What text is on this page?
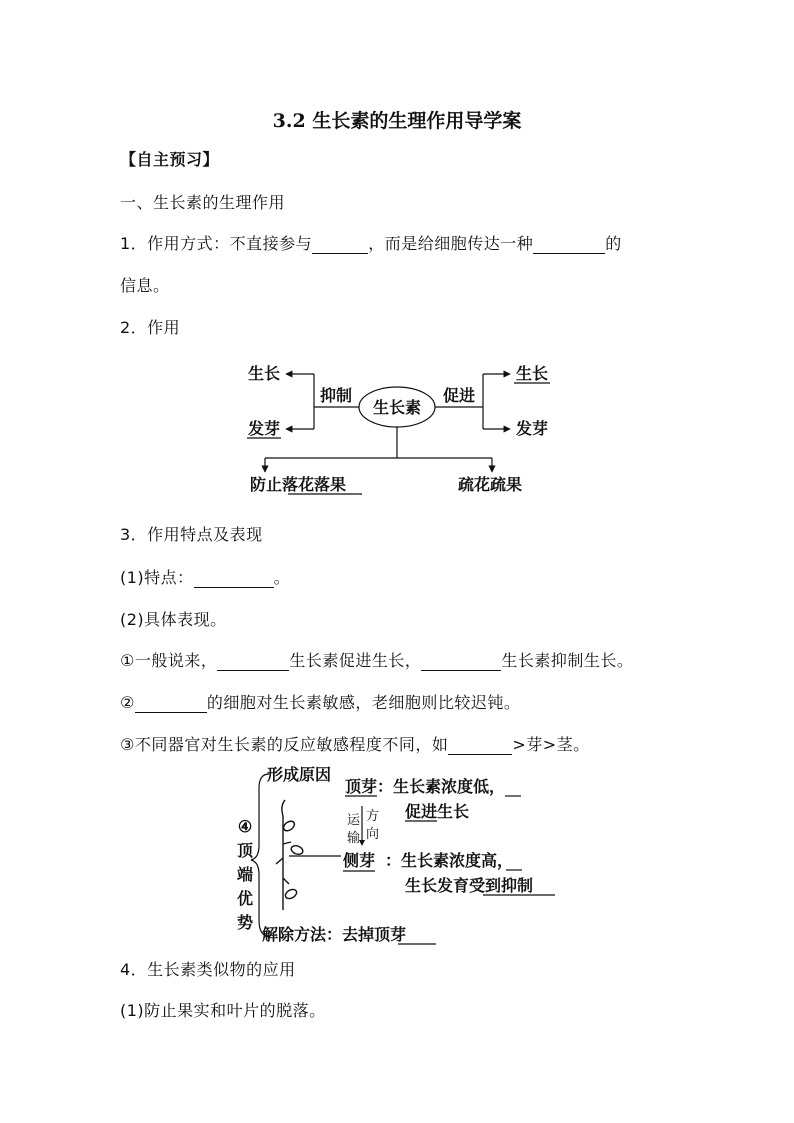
3.2 生长素的生理作用导学案
【自主预习】
一、生长素的生理作用
1．作用方式：不直接参与	，而是给细胞传达一种	的
信息。
2．作用
生长素
抑制
生长
发芽
促进
生长
发芽
防止落花落果	疏花疏果
3．作用特点及表现
(1)特点：	。
(2)具体表现。
①一般说来，	生长素促进生长，	生长素抑制生长。
②	的细胞对生长素敏感，老细胞则比较迟钝。
③不同器官对生长素的反应敏感程度不同，如	>芽>茎。
④
顶
端
优
势
形成原因
解除方法：去掉顶芽
顶芽 ：生长素浓度低，
促进生长
运
输
方
向
侧芽 ：生长素浓度高，
生长发育受到抑制
4．生长素类似物的应用
(1)防止果实和叶片的脱落。
